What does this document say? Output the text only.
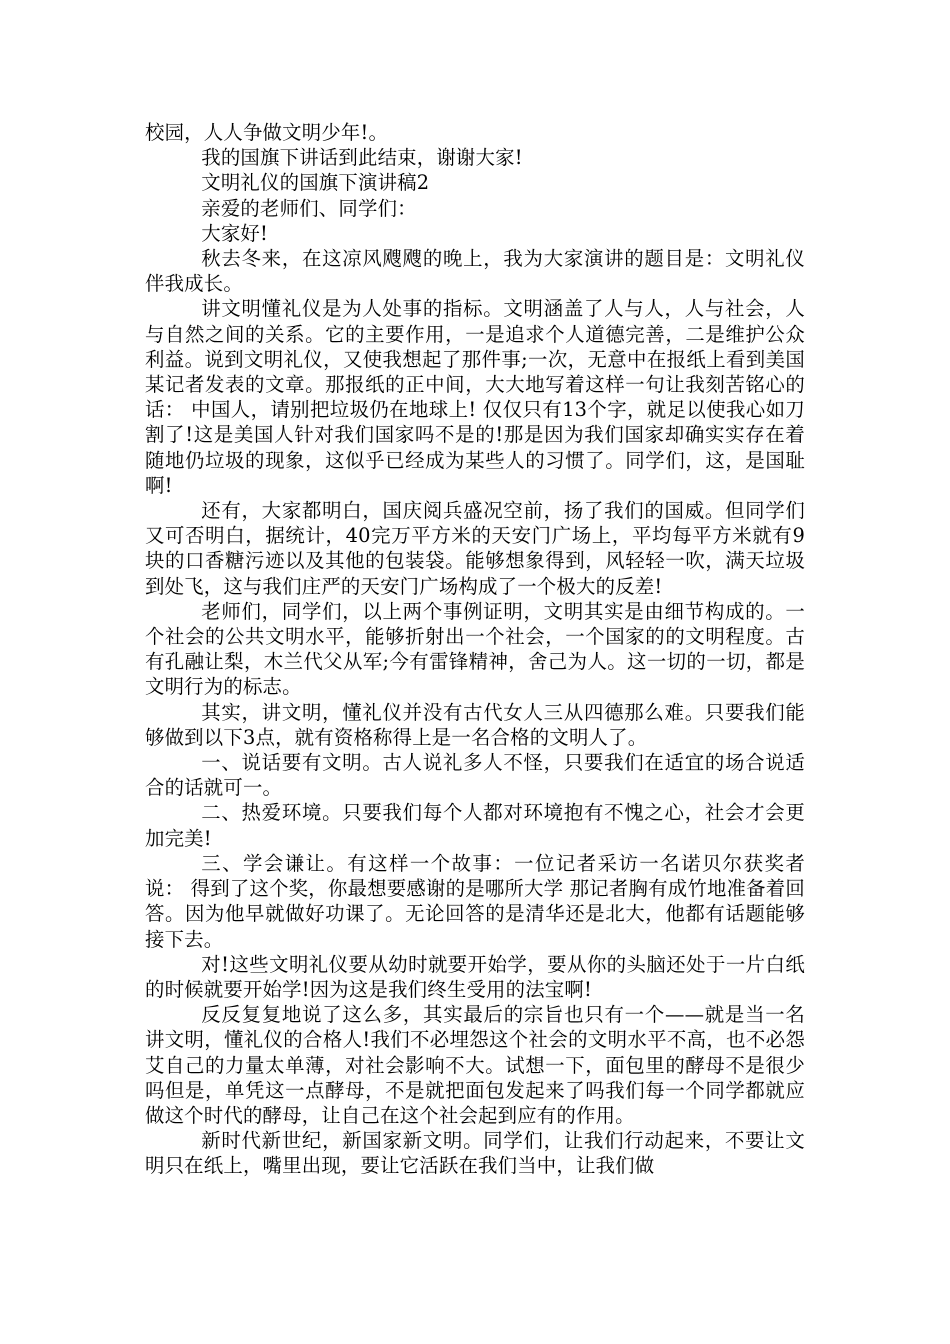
校园，人人争做文明少年!。

我的国旗下讲话到此结束，谢谢大家!

文明礼仪的国旗下演讲稿2

亲爱的老师们、同学们：

大家好!

秋去冬来，在这凉风飕飕的晚上，我为大家演讲的题目是：文明礼仪伴我成长。

讲文明懂礼仪是为人处事的指标。文明涵盖了人与人，人与社会，人与自然之间的关系。它的主要作用，一是追求个人道德完善，二是维护公众利益。说到文明礼仪，又使我想起了那件事;一次，无意中在报纸上看到美国某记者发表的文章。那报纸的正中间，大大地写着这样一句让我刻苦铭心的话： 中国人，请别把垃圾仍在地球上! 仅仅只有13个字，就足以使我心如刀割了!这是美国人针对我们国家吗不是的!那是因为我们国家却确实实存在着随地仍垃圾的现象，这似乎已经成为某些人的习惯了。同学们，这，是国耻啊!

还有，大家都明白，国庆阅兵盛况空前，扬了我们的国威。但同学们又可否明白，据统计，40完万平方米的天安门广场上，平均每平方米就有9块的口香糖污迹以及其他的包装袋。能够想象得到，风轻轻一吹，满天垃圾到处飞，这与我们庄严的天安门广场构成了一个极大的反差!

老师们，同学们，以上两个事例证明，文明其实是由细节构成的。一个社会的公共文明水平，能够折射出一个社会，一个国家的的文明程度。古有孔融让梨，木兰代父从军;今有雷锋精神，舍己为人。这一切的一切，都是文明行为的标志。

其实，讲文明，懂礼仪并没有古代女人三从四德那么难。只要我们能够做到以下3点，就有资格称得上是一名合格的文明人了。

一、说话要有文明。古人说礼多人不怪，只要我们在适宜的场合说适合的话就可一。

二、热爱环境。只要我们每个人都对环境抱有不愧之心，社会才会更加完美!

三、学会谦让。有这样一个故事：一位记者采访一名诺贝尔获奖者说： 得到了这个奖，你最想要感谢的是哪所大学 那记者胸有成竹地准备着回答。因为他早就做好功课了。无论回答的是清华还是北大，他都有话题能够接下去。

对!这些文明礼仪要从幼时就要开始学，要从你的头脑还处于一片白纸的时候就要开始学!因为这是我们终生受用的法宝啊!

反反复复地说了这么多，其实最后的宗旨也只有一个——就是当一名讲文明，懂礼仪的合格人!我们不必埋怨这个社会的文明水平不高，也不必怨艾自己的力量太单薄，对社会影响不大。试想一下，面包里的酵母不是很少吗但是，单凭这一点酵母，不是就把面包发起来了吗我们每一个同学都就应做这个时代的酵母，让自己在这个社会起到应有的作用。

新时代新世纪，新国家新文明。同学们，让我们行动起来，不要让文明只在纸上，嘴里出现，要让它活跃在我们当中，让我们做
